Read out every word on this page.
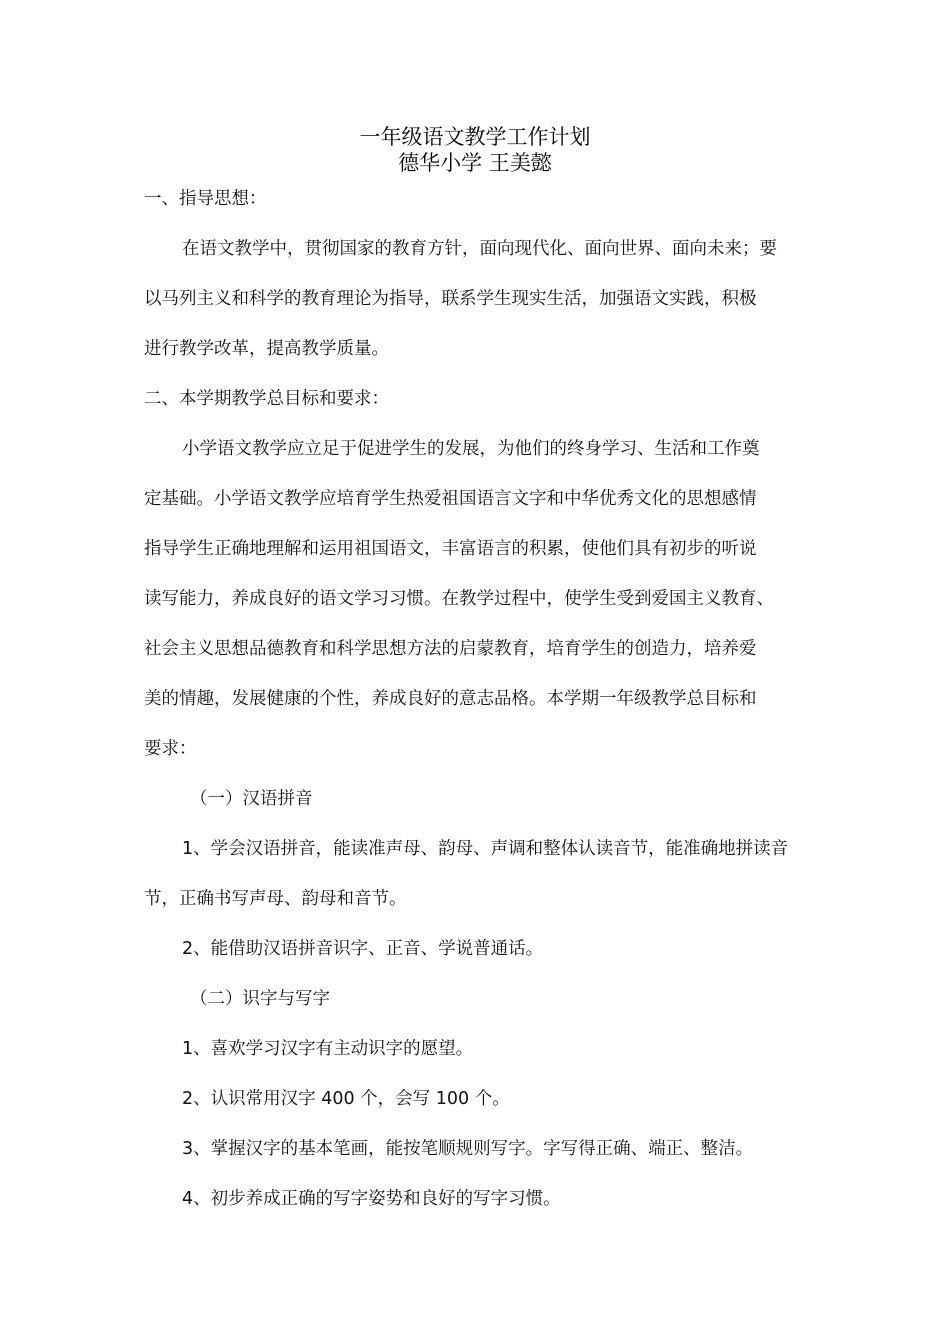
一年级语文教学工作计划
德华小学 王美懿
一、指导思想：
在语文教学中，贯彻国家的教育方针，面向现代化、面向世界、面向未来；要
以马列主义和科学的教育理论为指导，联系学生现实生活，加强语文实践，积极
进行教学改革，提高教学质量。
二、本学期教学总目标和要求：
小学语文教学应立足于促进学生的发展，为他们的终身学习、生活和工作奠
定基础。小学语文教学应培育学生热爱祖国语言文字和中华优秀文化的思想感情
指导学生正确地理解和运用祖国语文，丰富语言的积累，使他们具有初步的听说
读写能力，养成良好的语文学习习惯。在教学过程中，使学生受到爱国主义教育、
社会主义思想品德教育和科学思想方法的启蒙教育，培育学生的创造力，培养爱
美的情趣，发展健康的个性，养成良好的意志品格。本学期一年级教学总目标和
要求：
（一）汉语拼音
1、学会汉语拼音，能读准声母、韵母、声调和整体认读音节，能准确地拼读音
节，正确书写声母、韵母和音节。
2、能借助汉语拼音识字、正音、学说普通话。
（二）识字与写字
1、喜欢学习汉字有主动识字的愿望。
2、认识常用汉字 400 个，会写 100 个。
3、掌握汉字的基本笔画，能按笔顺规则写字。字写得正确、端正、整洁。
4、初步养成正确的写字姿势和良好的写字习惯。
